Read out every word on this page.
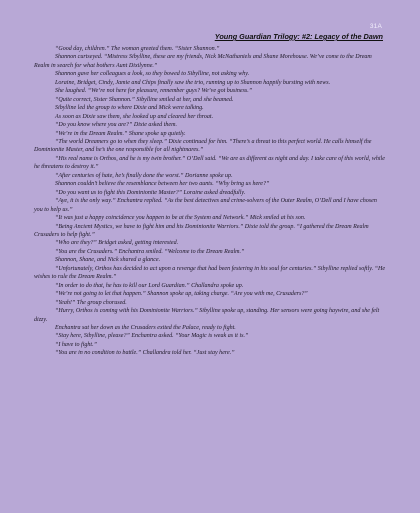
31A
Young Guardian Trilogy: #2: Legacy of the Dawn

“Good day, children.” The woman greeted them. “Sister Shannon.”

Shannon curtseyed. “Mistress Sibylline, these are my friends, Nick McNathaniels and Shane Morehouse. We’ve come to the Dream Realm in search for what bothers Aunt Dixilynne.”

Shannon gave her colleagues a look, so they bowed to Sibylline, not asking why.

Loraine, Bridget, Cindy, Jamie and Chips finally saw the trio, running up to Shannon happily bursting with news.

She laughed. “We’re not here for pleasure, remember guys? We’ve got business.”

“Quite correct, Sister Shannon.” Sibylline smiled at her, and she beamed.

Sibylline led the group to where Dixie and Mick were talking.

As soon as Dixie saw them, she looked up and cleared her throat.

“Do you know where you are?” Dixie asked them.

“We’re in the Dream Realm.” Shane spoke up quietly.

“The world Dreamers go to when they sleep.” Dixie continued for him. “There’s a threat to this perfect world. He calls himself the Dominionite Master, and he’s the one responsible for all nightmares.”

“His real name is Orthos, and he is my twin brother.” O’Dell said. “We are as different as night and day. I take care of this world, while he threatens to destroy it.”

“After centuries of hate, he’s finally done the worst.” Dorianne spoke up.

Shannon couldn’t believe the resemblance between her two aunts. “Why bring us here?”

“Do you want us to fight this Dominionite Master?” Loraine asked dreadfully.

“Aye, it is the only way.” Enchantra replied. “As the best detectives and crime-solvers of the Outer Realm, O’Dell and I have chosen you to help us.”

“It was just a happy coincidence you happen to be at the System and Network.” Mick smiled at his son.

“Being Ancient Mystics, we have to fight him and his Dominionite Warriors.” Dixie told the group. “I gathered the Dream Realm Crusaders to help fight.”

“Who are they?” Bridget asked, getting interested.

“You are the Crusaders.” Enchantra smiled. “Welcome to the Dream Realm.”

Shannon, Shane, and Nick shared a glance.

“Unfortunately, Orthos has decided to act upon a revenge that had been festering in his soul for centuries.” Sibylline replied softly. “He wishes to rule the Dream Realm.”

“In order to do that, he has to kill our Lord Guardian.” Challandra spoke up.

“We’re not going to let that happen.” Shannon spoke up, taking charge. “Are you with me, Crusaders?”

“Yeah!” The group chorused.

“Hurry, Orthos is coming with his Dominionite Warriors.” Sibylline spoke up, standing. Her sensors were going haywire, and she felt dizzy.

Enchantra sat her down as the Crusaders exited the Palace, ready to fight.

“Stay here, Sibylline, please?” Enchantra asked. “Your Magic is weak as it is.”

“I have to fight.”

“You are in no condition to battle.” Challandra told her. “Just stay here.”
